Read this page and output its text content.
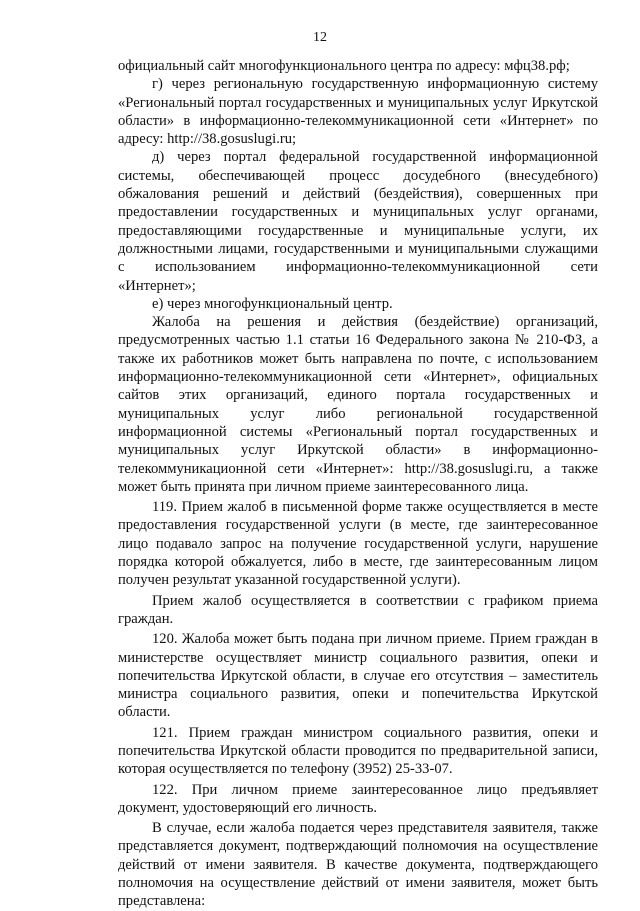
12

официальный сайт многофункционального центра по адресу: мфц38.рф;

г) через региональную государственную информационную систему «Региональный портал государственных и муниципальных услуг Иркутской области» в информационно-телекоммуникационной сети «Интернет» по адресу: http://38.gosuslugi.ru;

д) через портал федеральной государственной информационной системы, обеспечивающей процесс досудебного (внесудебного) обжалования решений и действий (бездействия), совершенных при предоставлении государственных и муниципальных услуг органами, предоставляющими государственные и муниципальные услуги, их должностными лицами, государственными и муниципальными служащими с использованием информационно-телекоммуникационной сети «Интернет»;

е) через многофункциональный центр.

Жалоба на решения и действия (бездействие) организаций, предусмотренных частью 1.1 статьи 16 Федерального закона № 210-ФЗ, а также их работников может быть направлена по почте, с использованием информационно-телекоммуникационной сети «Интернет», официальных сайтов этих организаций, единого портала государственных и муниципальных услуг либо региональной государственной информационной системы «Региональный портал государственных и муниципальных услуг Иркутской области» в информационно-телекоммуникационной сети «Интернет»: http://38.gosuslugi.ru, а также может быть принята при личном приеме заинтересованного лица.

119. Прием жалоб в письменной форме также осуществляется в месте предоставления государственной услуги (в месте, где заинтересованное лицо подавало запрос на получение государственной услуги, нарушение порядка которой обжалуется, либо в месте, где заинтересованным лицом получен результат указанной государственной услуги).

Прием жалоб осуществляется в соответствии с графиком приема граждан.

120. Жалоба может быть подана при личном приеме. Прием граждан в министерстве осуществляет министр социального развития, опеки и попечительства Иркутской области, в случае его отсутствия – заместитель министра социального развития, опеки и попечительства Иркутской области.

121. Прием граждан министром социального развития, опеки и попечительства Иркутской области проводится по предварительной записи, которая осуществляется по телефону (3952) 25-33-07.

122. При личном приеме заинтересованное лицо предъявляет документ, удостоверяющий его личность.

В случае, если жалоба подается через представителя заявителя, также представляется документ, подтверждающий полномочия на осуществление действий от имени заявителя. В качестве документа, подтверждающего полномочия на осуществление действий от имени заявителя, может быть представлена:
